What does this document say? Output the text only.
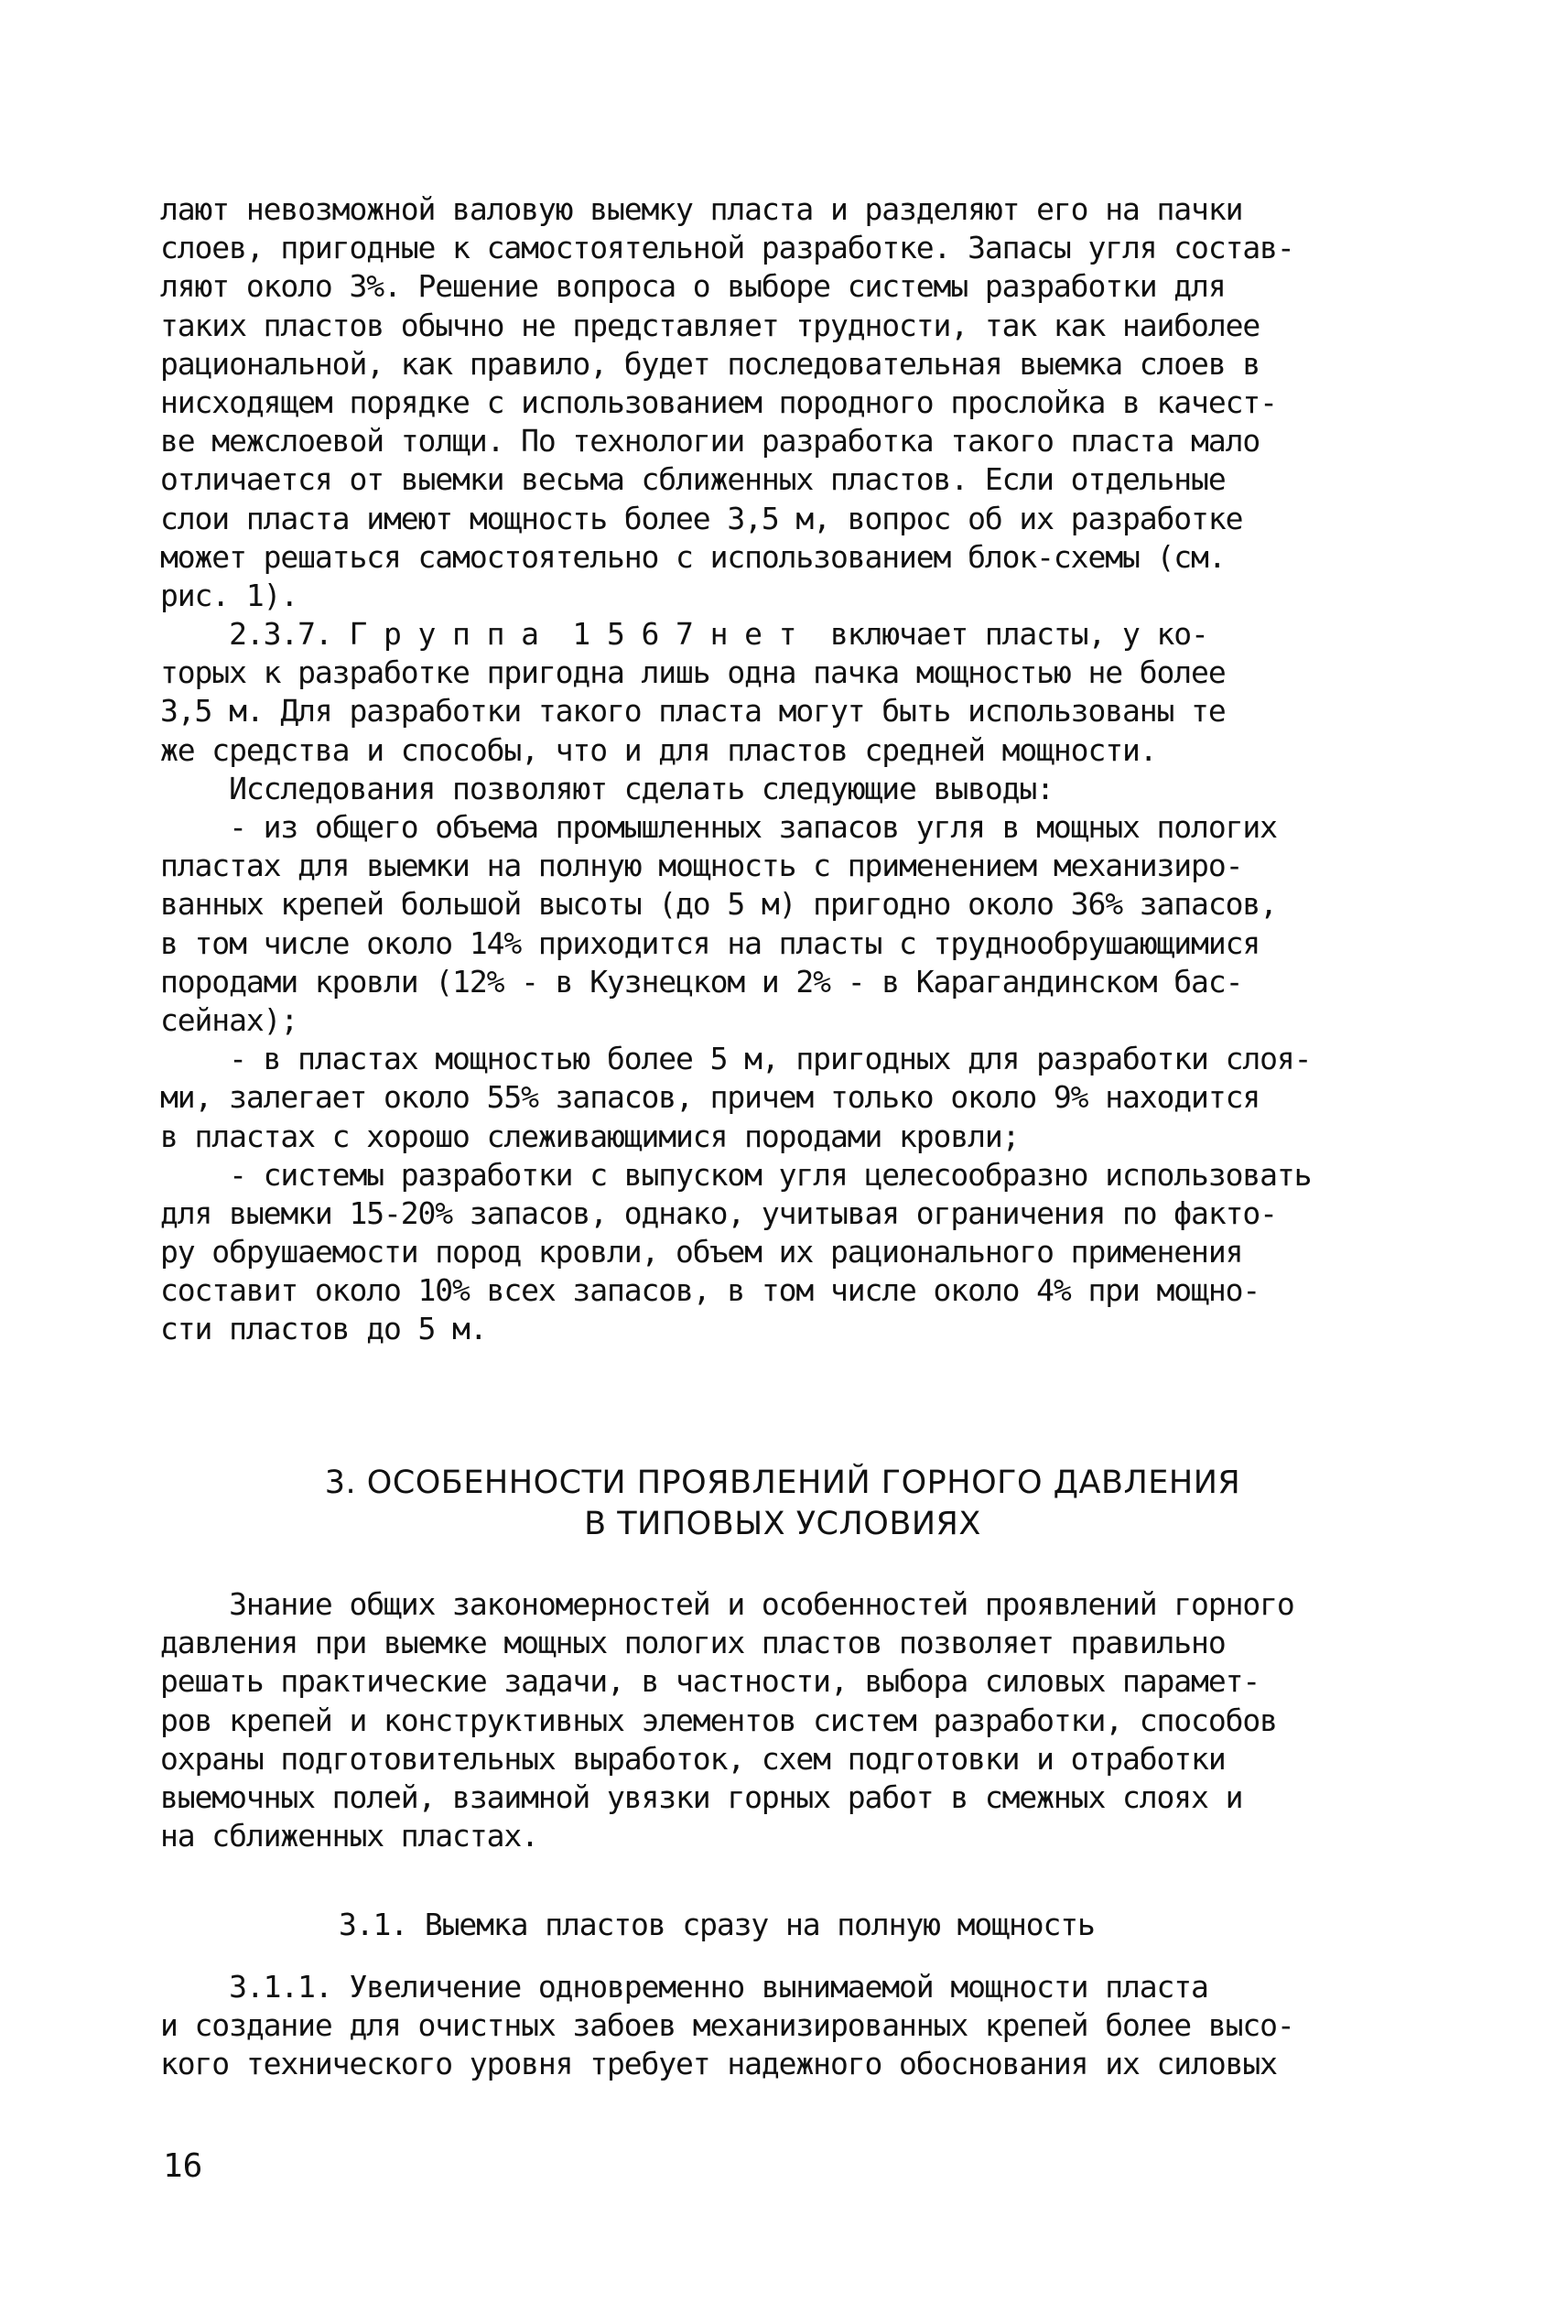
лают невозможной валовую выемку пласта и разделяют его на пачки
слоев, пригодные к самостоятельной разработке. Запасы угля состав-
ляют около 3%. Решение вопроса о выборе системы разработки для
таких пластов обычно не представляет трудности, так как наиболее
рациональной, как правило, будет последовательная выемка слоев в
нисходящем порядке с использованием породного прослойка в качест-
ве межслоевой толщи. По технологии разработка такого пласта мало
отличается от выемки весьма сближенных пластов. Если отдельные
слои пласта имеют мощность более 3,5 м, вопрос об их разработке
может решаться самостоятельно с использованием блок-схемы (см.
рис. 1).
2.3.7. Г р у п п а  1 5 6 7 н е т  включает пласты, у ко-
торых к разработке пригодна лишь одна пачка мощностью не более
3,5 м. Для разработки такого пласта могут быть использованы те
же средства и способы, что и для пластов средней мощности.
Исследования позволяют сделать следующие выводы:
- из общего объема промышленных запасов угля в мощных пологих
пластах для выемки на полную мощность с применением механизиро-
ванных крепей большой высоты (до 5 м) пригодно около 36% запасов,
в том числе около 14% приходится на пласты с труднообрушающимися
породами кровли (12% - в Кузнецком и 2% - в Карагандинском бас-
сейнах);
- в пластах мощностью более 5 м, пригодных для разработки слоя-
ми, залегает около 55% запасов, причем только около 9% находится
в пластах с хорошо слеживающимися породами кровли;
- системы разработки с выпуском угля целесообразно использовать
для выемки 15-20% запасов, однако, учитывая ограничения по факто-
ру обрушаемости пород кровли, объем их рационального применения
составит около 10% всех запасов, в том числе около 4% при мощно-
сти пластов до 5 м.
3. ОСОБЕННОСТИ ПРОЯВЛЕНИЙ ГОРНОГО ДАВЛЕНИЯ
В ТИПОВЫХ УСЛОВИЯХ
Знание общих закономерностей и особенностей проявлений горного
давления при выемке мощных пологих пластов позволяет правильно
решать практические задачи, в частности, выбора силовых парамет-
ров крепей и конструктивных элементов систем разработки, способов
охраны подготовительных выработок, схем подготовки и отработки
выемочных полей, взаимной увязки горных работ в смежных слоях и
на сближенных пластах.
3.1. Выемка пластов сразу на полную мощность
3.1.1. Увеличение одновременно вынимаемой мощности пласта
и создание для очистных забоев механизированных крепей более высо-
кого технического уровня требует надежного обоснования их силовых
16
